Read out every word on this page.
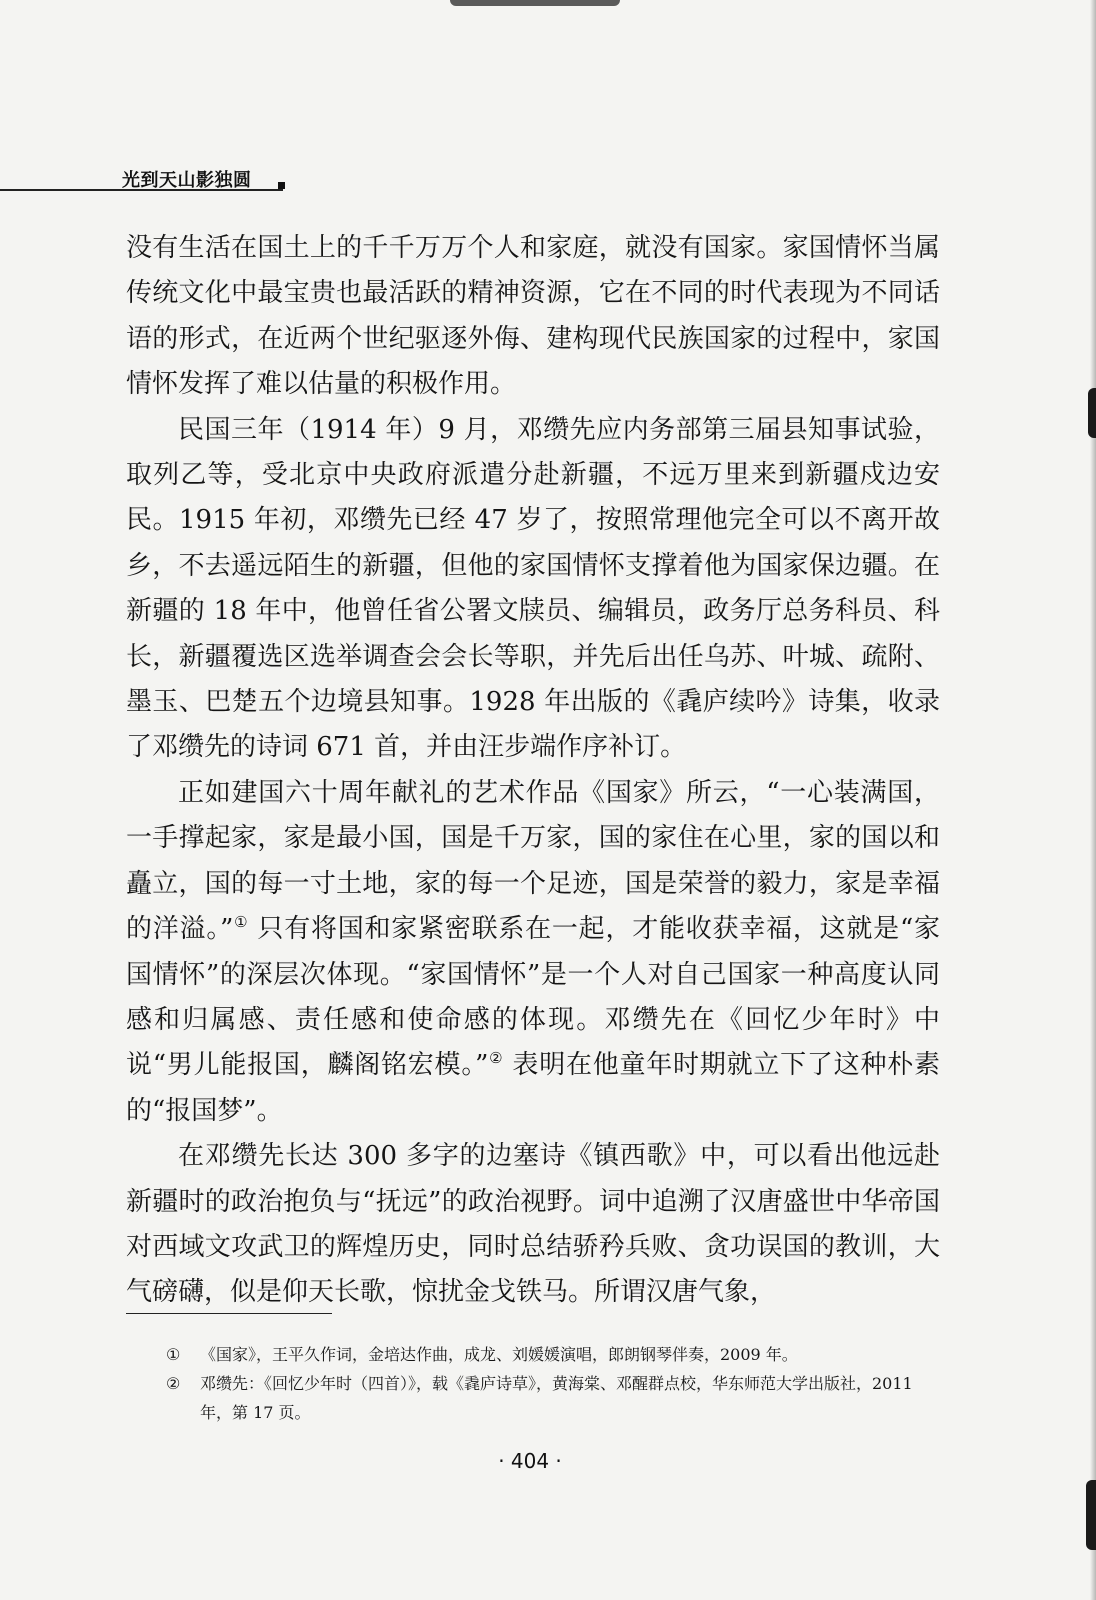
光到天山影独圆

没有生活在国土上的千千万万个人和家庭，就没有国家。家国情怀当属传统文化中最宝贵也最活跃的精神资源，它在不同的时代表现为不同话语的形式，在近两个世纪驱逐外侮、建构现代民族国家的过程中，家国情怀发挥了难以估量的积极作用。

民国三年（1914 年）9 月，邓缵先应内务部第三届县知事试验，取列乙等，受北京中央政府派遣分赴新疆，不远万里来到新疆戍边安民。1915 年初，邓缵先已经 47 岁了，按照常理他完全可以不离开故乡，不去遥远陌生的新疆，但他的家国情怀支撑着他为国家保边疆。在新疆的 18 年中，他曾任省公署文牍员、编辑员，政务厅总务科员、科长，新疆覆选区选举调查会会长等职，并先后出任乌苏、叶城、疏附、墨玉、巴楚五个边境县知事。1928 年出版的《毳庐续吟》诗集，收录了邓缵先的诗词 671 首，并由汪步端作序补订。

正如建国六十周年献礼的艺术作品《国家》所云，“一心装满国，一手撑起家，家是最小国，国是千万家，国的家住在心里，家的国以和矗立，国的每一寸土地，家的每一个足迹，国是荣誉的毅力，家是幸福的洋溢。”① 只有将国和家紧密联系在一起，才能收获幸福，这就是“家国情怀”的深层次体现。“家国情怀”是一个人对自己国家一种高度认同感和归属感、责任感和使命感的体现。邓缵先在《回忆少年时》中说“男儿能报国，麟阁铭宏模。”② 表明在他童年时期就立下了这种朴素的“报国梦”。

在邓缵先长达 300 多字的边塞诗《镇西歌》中，可以看出他远赴新疆时的政治抱负与“抚远”的政治视野。词中追溯了汉唐盛世中华帝国对西域文攻武卫的辉煌历史，同时总结骄矜兵败、贪功误国的教训，大气磅礴，似是仰天长歌，惊扰金戈铁马。所谓汉唐气象，

① 《国家》，王平久作词，金培达作曲，成龙、刘媛媛演唱，郎朗钢琴伴奏，2009 年。

② 邓缵先：《回忆少年时（四首）》，载《毳庐诗草》，黄海棠、邓醒群点校，华东师范大学出版社，2011 年，第 17 页。

· 404 ·
